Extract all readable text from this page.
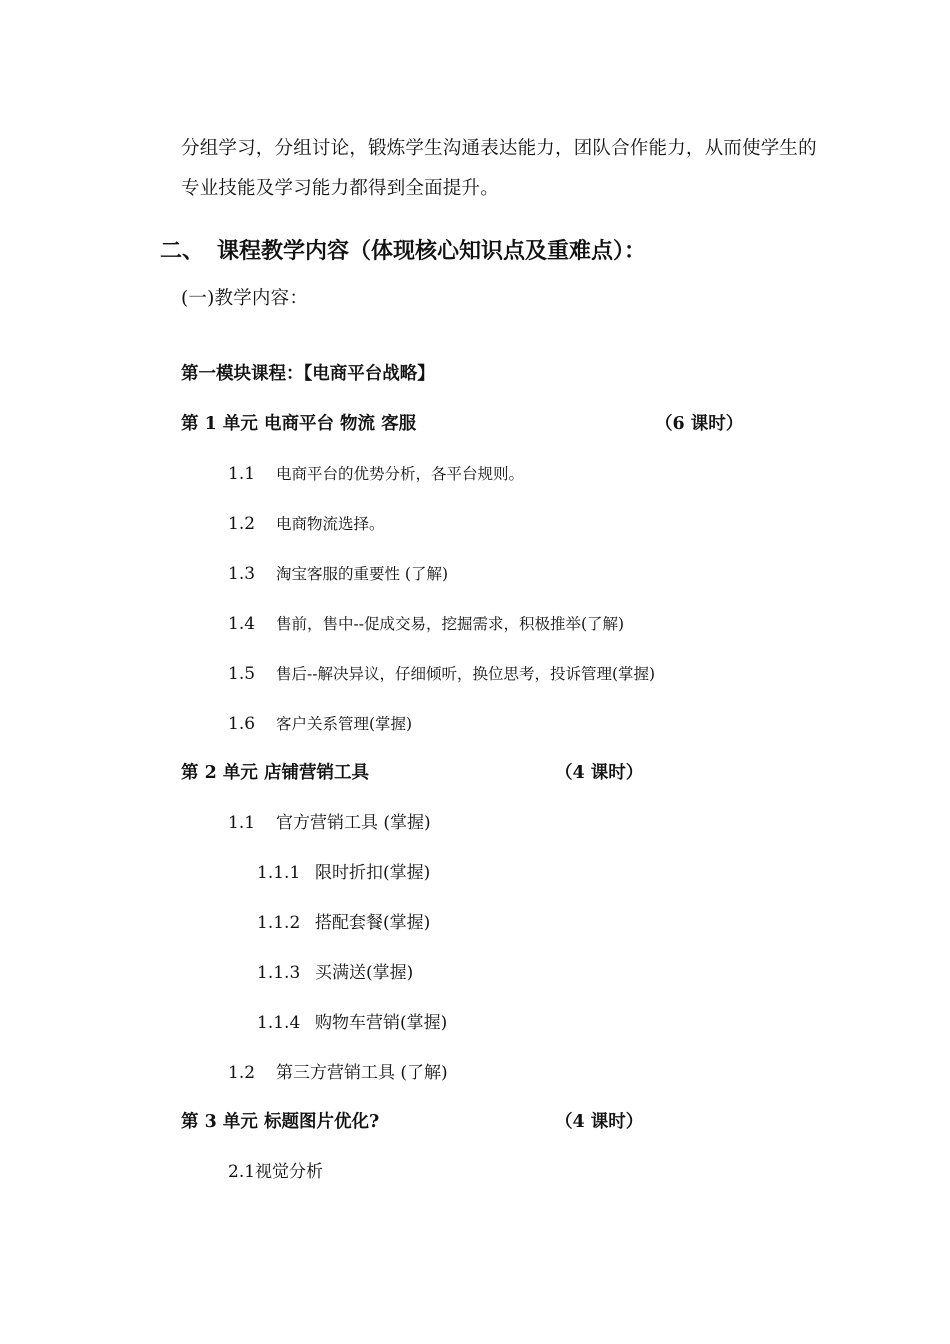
分组学习，分组讨论，锻炼学生沟通表达能力，团队合作能力，从而使学生的
专业技能及学习能力都得到全面提升。
二、 课程教学内容（体现核心知识点及重难点）：
(一)教学内容：
第一模块课程：【电商平台战略】
第 1 单元 电商平台 物流 客服	（6 课时）
1.1 电商平台的优势分析，各平台规则。
1.2 电商物流选择。
1.3 淘宝客服的重要性 (了解)
1.4 售前，售中--促成交易，挖掘需求，积极推举(了解)
1.5 售后--解决异议，仔细倾听，换位思考，投诉管理(掌握)
1.6 客户关系管理(掌握)
第 2 单元 店铺营销工具	（4 课时）
1.1 官方营销工具 (掌握)
1.1.1 限时折扣(掌握)
1.1.2 搭配套餐(掌握)
1.1.3 买满送(掌握)
1.1.4 购物车营销(掌握)
1.2 第三方营销工具 (了解)
第 3 单元 标题图片优化?	（4 课时）
2.1视觉分析
